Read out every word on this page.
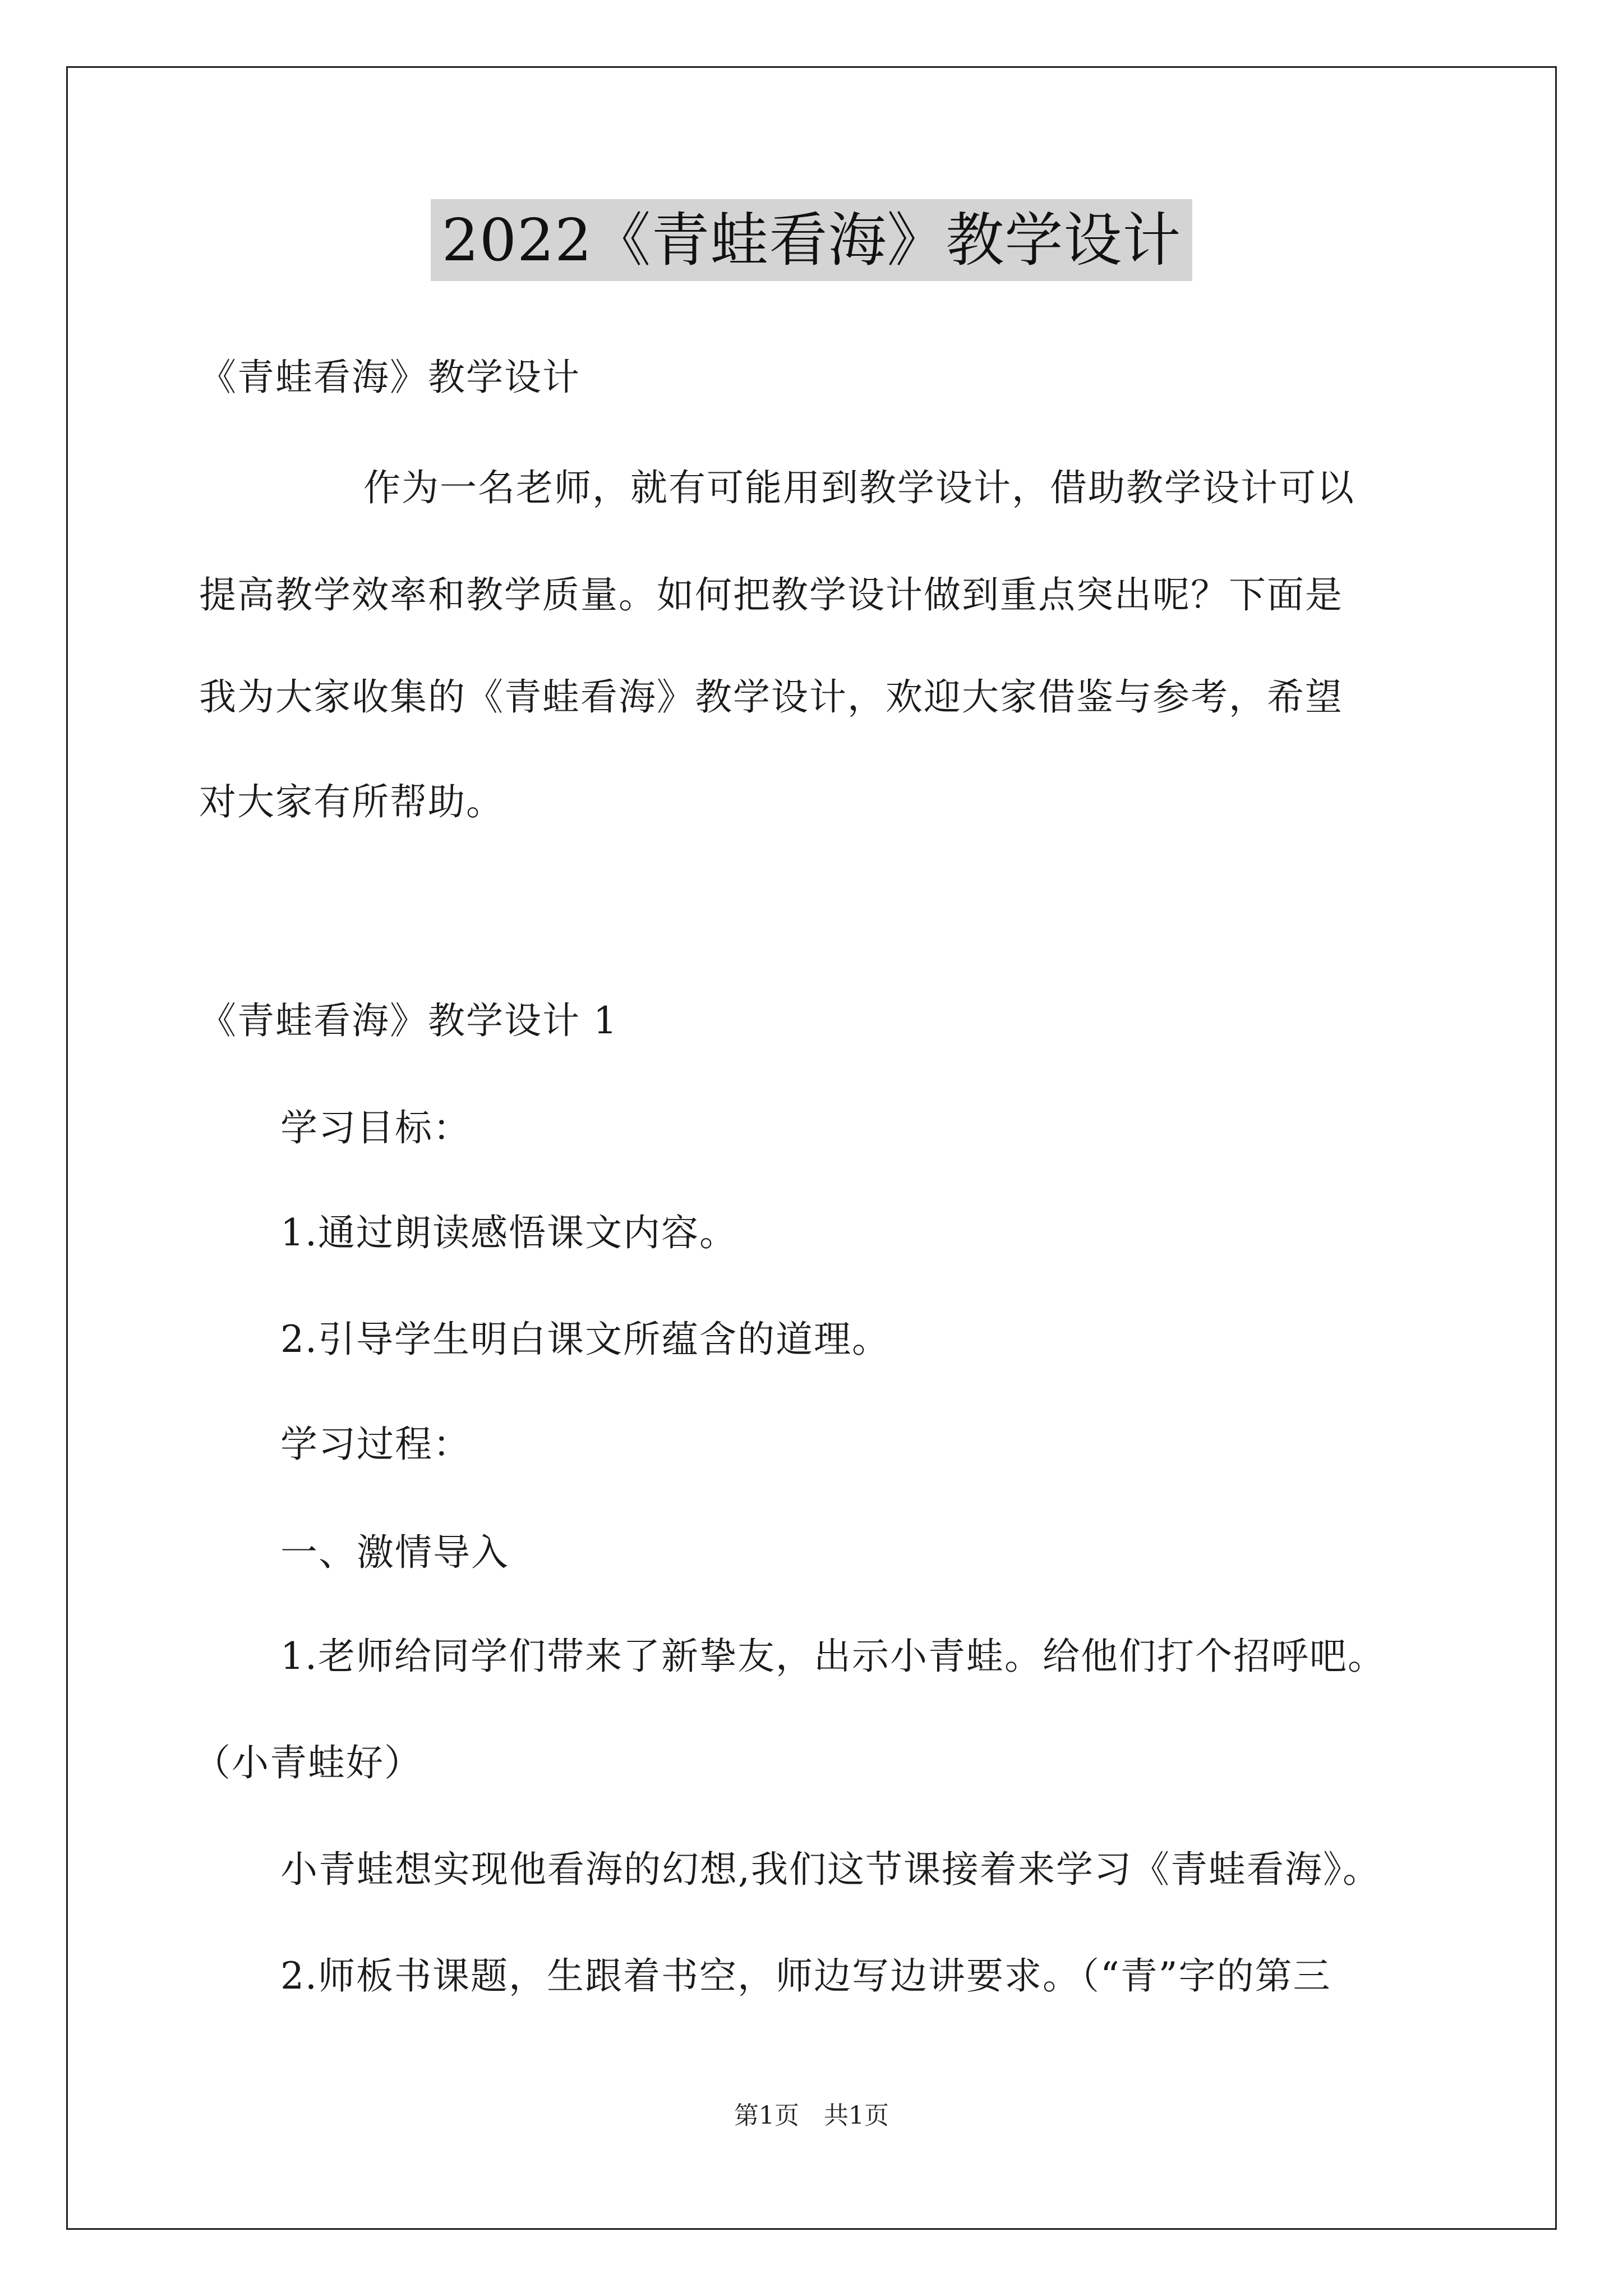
2022《青蛙看海》教学设计
《青蛙看海》教学设计
作为一名老师，就有可能用到教学设计，借助教学设计可以
提高教学效率和教学质量。如何把教学设计做到重点突出呢？下面是
我为大家收集的《青蛙看海》教学设计，欢迎大家借鉴与参考，希望
对大家有所帮助。
《青蛙看海》教学设计 1
学习目标：
1.通过朗读感悟课文内容。
2.引导学生明白课文所蕴含的道理。
学习过程：
一、激情导入
1.老师给同学们带来了新挚友，出示小青蛙。给他们打个招呼吧。
（小青蛙好）
小青蛙想实现他看海的幻想,我们这节课接着来学习《青蛙看海》。
2.师板书课题，生跟着书空，师边写边讲要求。（“青”字的第三
第1页　共1页
